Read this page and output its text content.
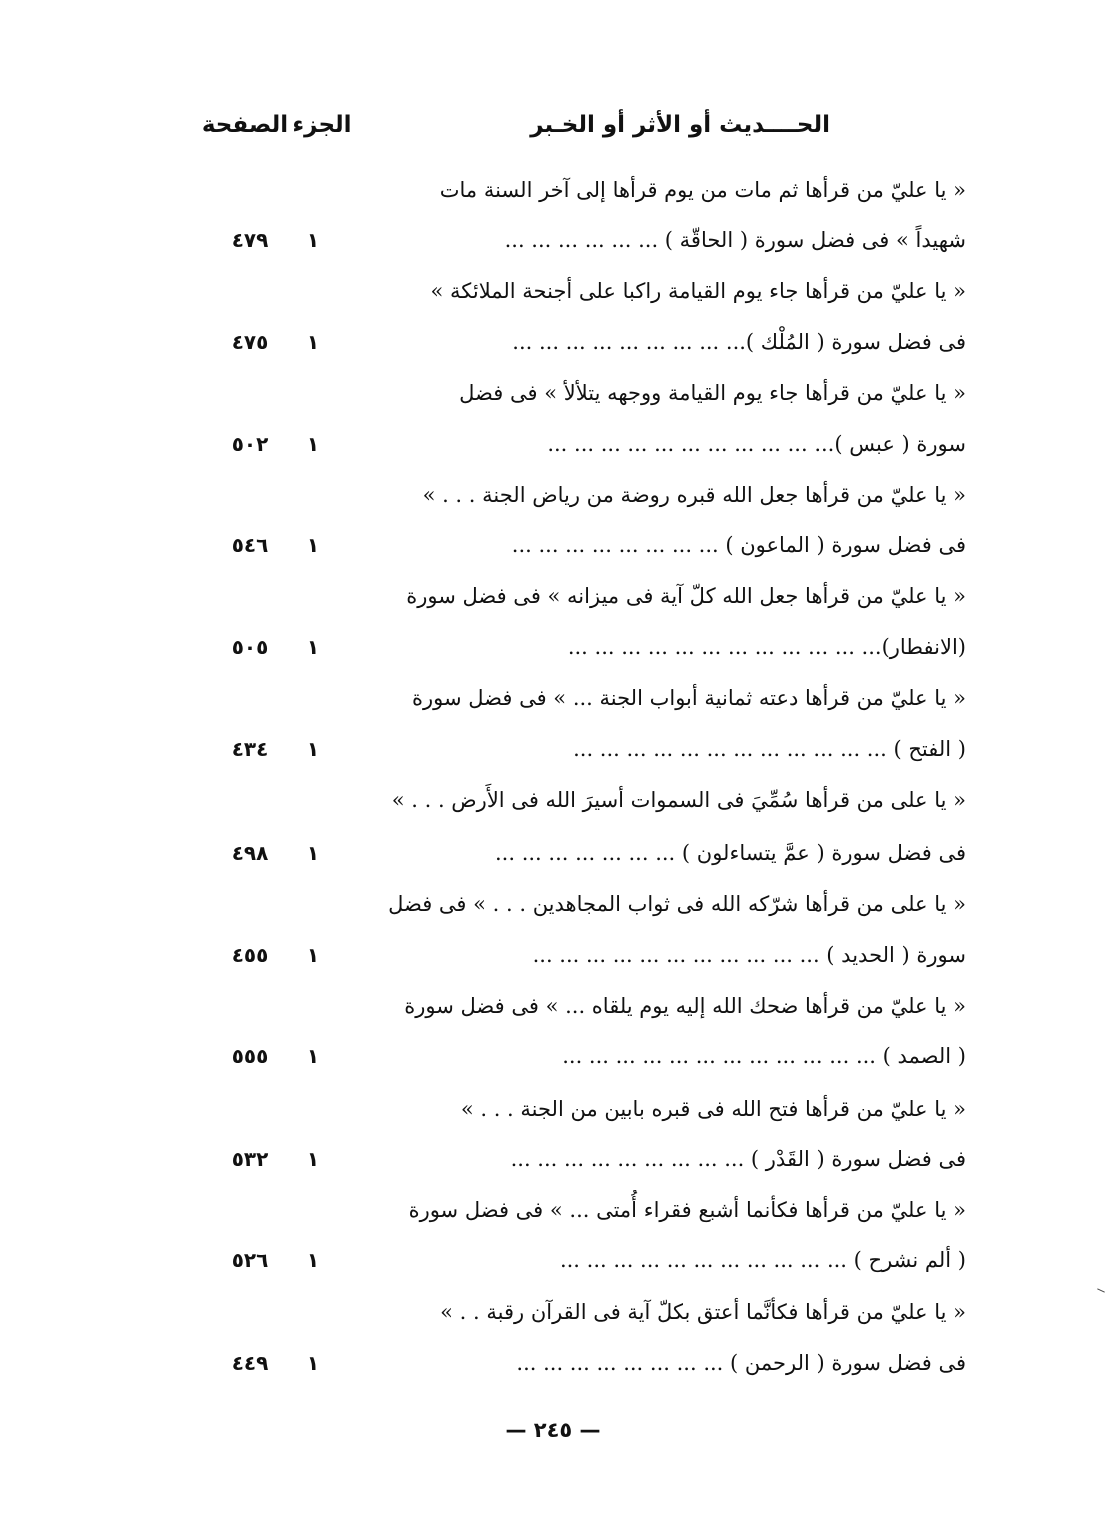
الحــــديث أو الأثر أو الخـبر
الجزء
الصفحة
« يا عليّ من قرأها ثم مات من يوم قرأها إلى آخر السنة مات
شهيداً » فى فضل سورة ( الحاقّة ) ... ... ... ... ... ...
١
٤٧٩
« يا عليّ من قرأها جاء يوم القيامة راكبا على أجنحة الملائكة »
فى فضل سورة ( المُلْك )... ... ... ... ... ... ... ... ...
١
٤٧٥
« يا عليّ من قرأها جاء يوم القيامة ووجهه يتلألأ » فى فضل
سورة ( عبس )... ... ... ... ... ... ... ... ... ... ...
١
٥٠٢
« يا عليّ من قرأها جعل الله قبره روضة من رياض الجنة . . . »
فى فضل سورة ( الماعون ) ... ... ... ... ... ... ... ...
١
٥٤٦
« يا عليّ من قرأها جعل الله كلّ آية فى ميزانه » فى فضل سورة
(الانفطار)... ... ... ... ... ... ... ... ... ... ... ...
١
٥٠٥
« يا عليّ من قرأها دعته ثمانية أبواب الجنة ... » فى فضل سورة
( الفتح ) ... ... ... ... ... ... ... ... ... ... ... ...
١
٤٣٤
« يا على من قرأها سُمِّيَ فى السموات أسيرَ الله فى الأَرض . . . »
فى فضل سورة ( عمَّ يتساءلون ) ... ... ... ... ... ... ...
١
٤٩٨
« يا على من قرأها شرّكه الله فى ثواب المجاهدين . . . » فى فضل
سورة ( الحديد ) ... ... ... ... ... ... ... ... ... ... ...
١
٤٥٥
« يا عليّ من قرأها ضحك الله إليه يوم يلقاه ... » فى فضل سورة
( الصمد ) ... ... ... ... ... ... ... ... ... ... ... ...
١
٥٥٥
« يا عليّ من قرأها فتح الله فى قبره بابين من الجنة . . . »
فى فضل سورة ( القَدْر ) ... ... ... ... ... ... ... ... ...
١
٥٣٢
« يا عليّ من قرأها فكأنما أشبع فقراء أُمتى ... » فى فضل سورة
( ألم نشرح ) ... ... ... ... ... ... ... ... ... ... ...
١
٥٢٦
« يا عليّ من قرأها فكأنَّما أعتق بكلّ آية فى القرآن رقبة . . »
فى فضل سورة ( الرحمن ) ... ... ... ... ... ... ... ...
١
٤٤٩
— ٢٤٥ —
